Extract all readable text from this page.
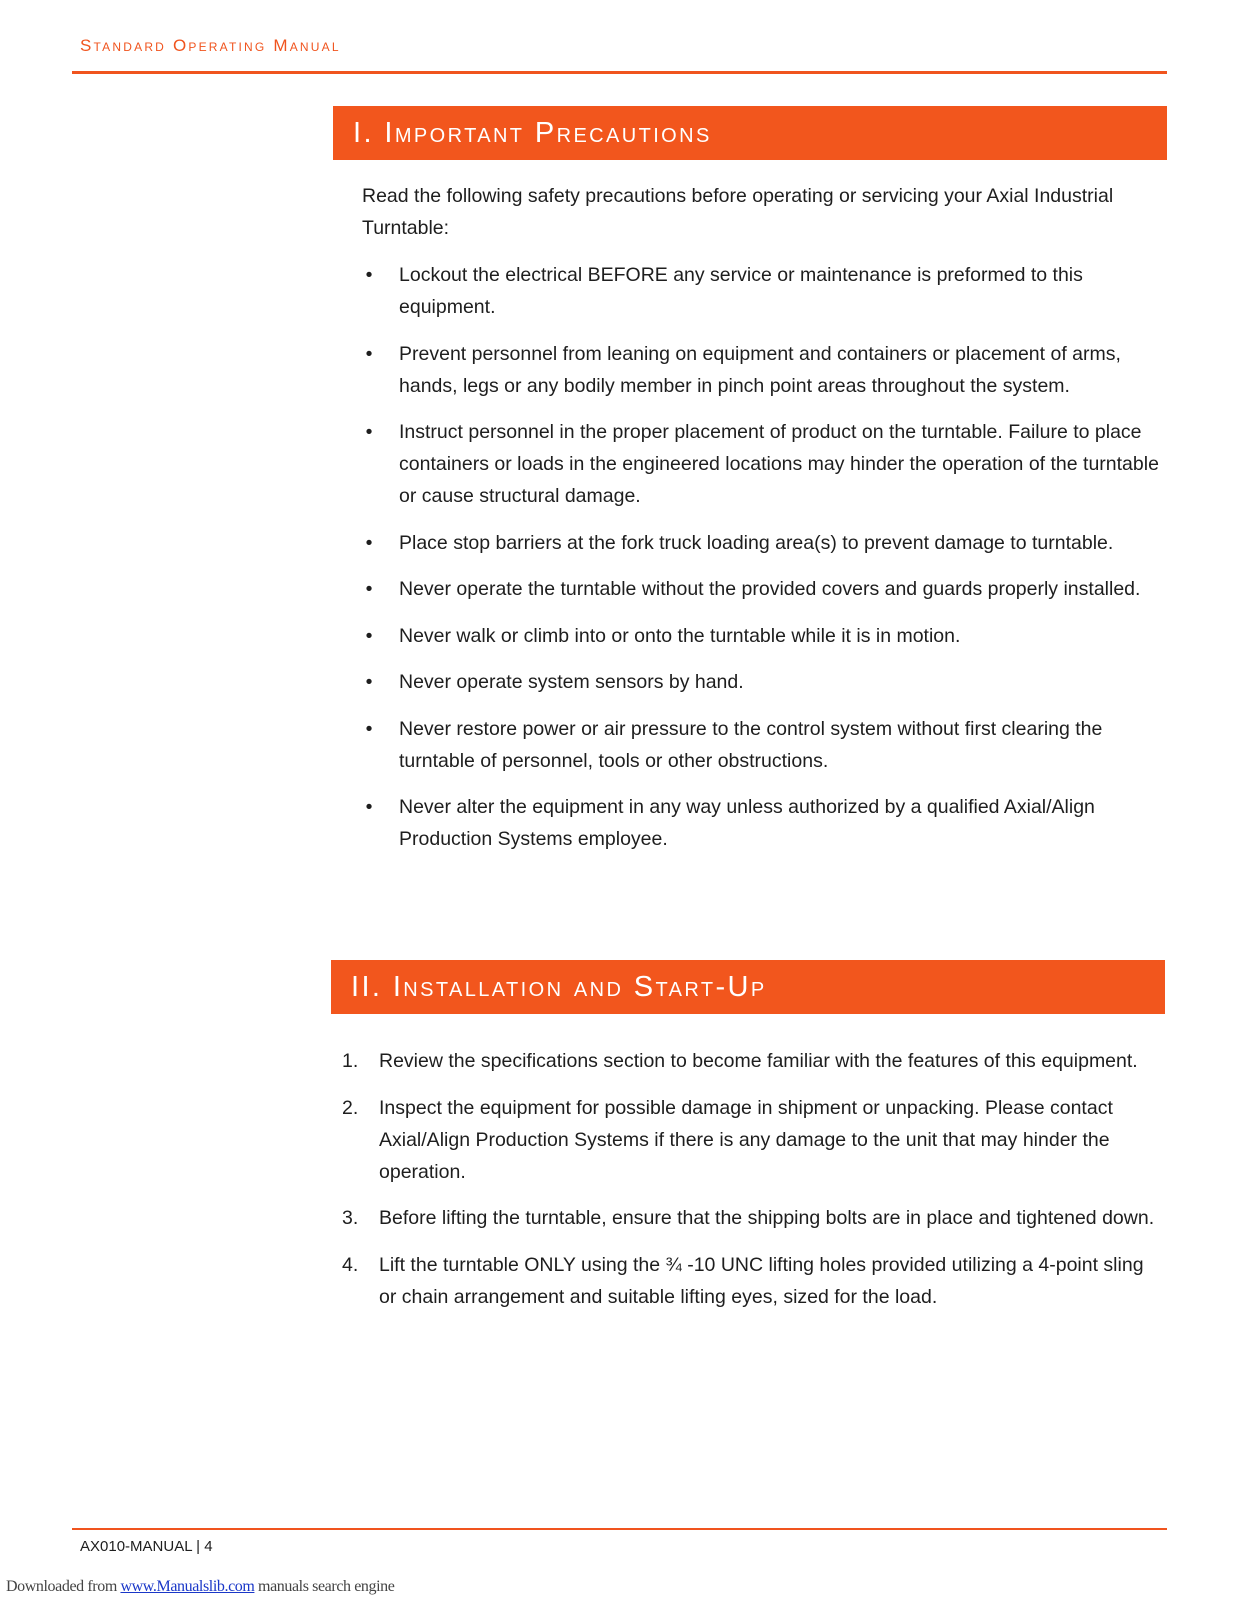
Standard Operating Manual
I. Important Precautions
Read the following safety precautions before operating or servicing your Axial Industrial Turntable:
• Lockout the electrical BEFORE any service or maintenance is preformed to this equipment.
• Prevent personnel from leaning on equipment and containers or placement of arms, hands, legs or any bodily member in pinch point areas throughout the system.
• Instruct personnel in the proper placement of product on the turntable. Failure to place containers or loads in the engineered locations may hinder the operation of the turntable or cause structural damage.
• Place stop barriers at the fork truck loading area(s) to prevent damage to turntable.
• Never operate the turntable without the provided covers and guards properly installed.
• Never walk or climb into or onto the turntable while it is in motion.
• Never operate system sensors by hand.
• Never restore power or air pressure to the control system without first clearing the turntable of personnel, tools or other obstructions.
• Never alter the equipment in any way unless authorized by a qualified Axial/Align Production Systems employee.
II. Installation and Start-Up
1. Review the specifications section to become familiar with the features of this equipment.
2. Inspect the equipment for possible damage in shipment or unpacking. Please contact Axial/Align Production Systems if there is any damage to the unit that may hinder the operation.
3. Before lifting the turntable, ensure that the shipping bolts are in place and tightened down.
4. Lift the turntable ONLY using the ¾ -10 UNC lifting holes provided utilizing a 4-point sling or chain arrangement and suitable lifting eyes, sized for the load.
AX010-MANUAL | 4
Downloaded from www.Manualslib.com manuals search engine
